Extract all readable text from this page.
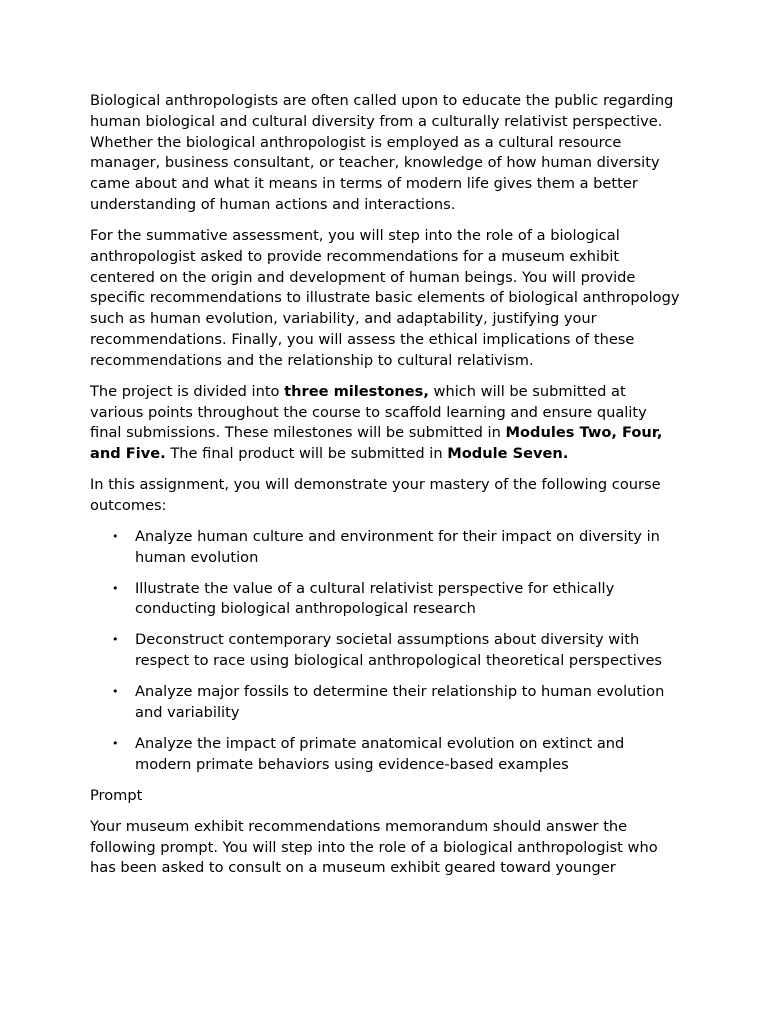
Biological anthropologists are often called upon to educate the public regarding human biological and cultural diversity from a culturally relativist perspective. Whether the biological anthropologist is employed as a cultural resource manager, business consultant, or teacher, knowledge of how human diversity came about and what it means in terms of modern life gives them a better understanding of human actions and interactions.

For the summative assessment, you will step into the role of a biological anthropologist asked to provide recommendations for a museum exhibit centered on the origin and development of human beings. You will provide specific recommendations to illustrate basic elements of biological anthropology such as human evolution, variability, and adaptability, justifying your recommendations. Finally, you will assess the ethical implications of these recommendations and the relationship to cultural relativism.

The project is divided into three milestones, which will be submitted at various points throughout the course to scaffold learning and ensure quality final submissions. These milestones will be submitted in Modules Two, Four, and Five. The final product will be submitted in Module Seven.

In this assignment, you will demonstrate your mastery of the following course outcomes:

• Analyze human culture and environment for their impact on diversity in human evolution
• Illustrate the value of a cultural relativist perspective for ethically conducting biological anthropological research
• Deconstruct contemporary societal assumptions about diversity with respect to race using biological anthropological theoretical perspectives
• Analyze major fossils to determine their relationship to human evolution and variability
• Analyze the impact of primate anatomical evolution on extinct and modern primate behaviors using evidence-based examples

Prompt

Your museum exhibit recommendations memorandum should answer the following prompt. You will step into the role of a biological anthropologist who has been asked to consult on a museum exhibit geared toward younger
